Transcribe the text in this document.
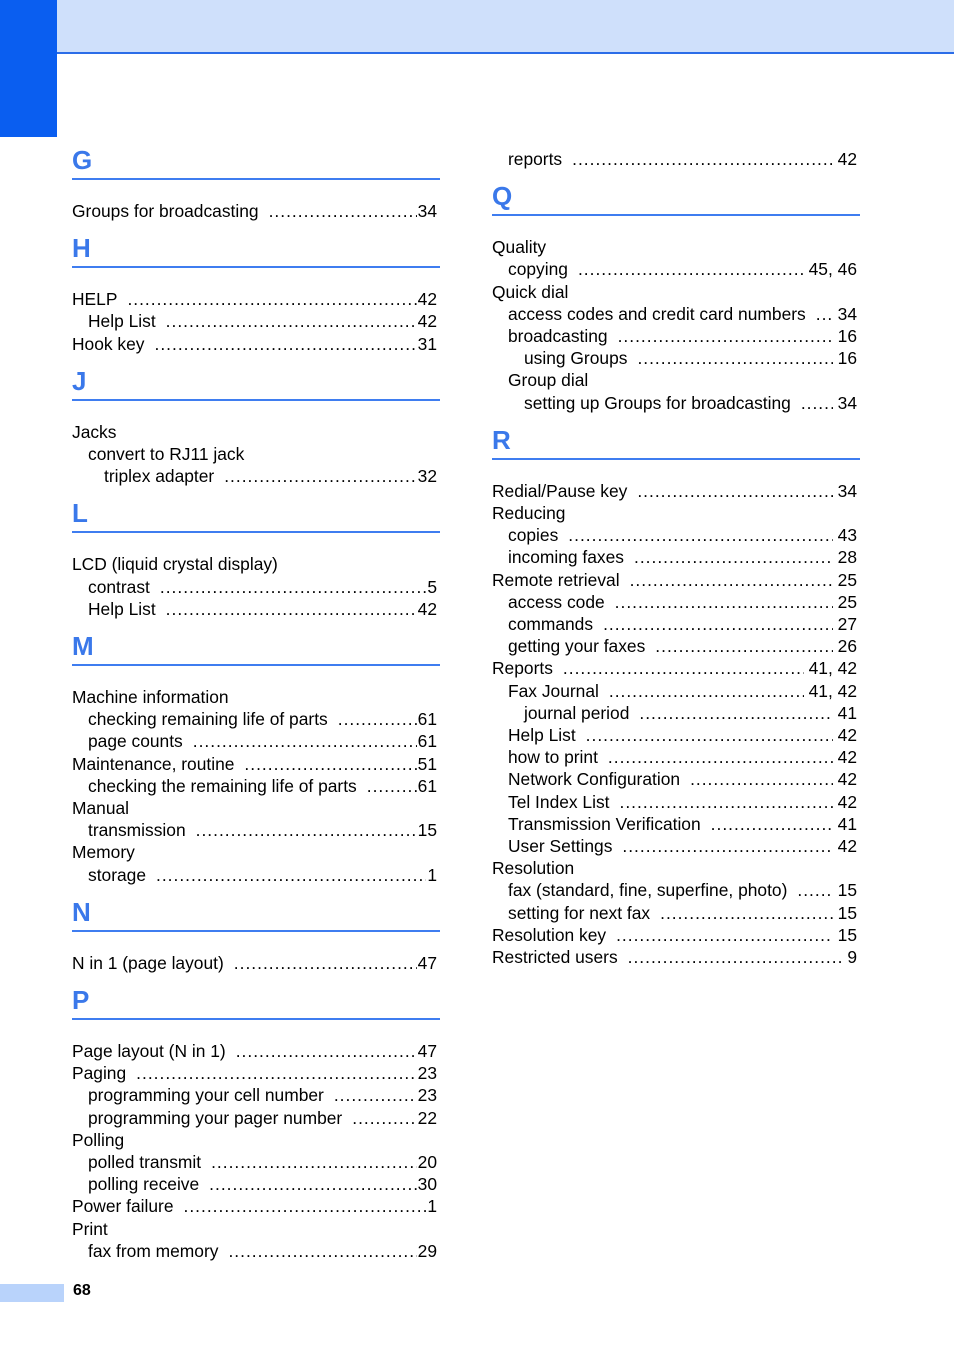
G
Groups for broadcasting .....	34
H
HELP .....	42
Help List .....	42
Hook key .....	31
J
Jacks
convert to RJ11 jack
triplex adapter .....	32
L
LCD (liquid crystal display)
contrast .....	5
Help List .....	42
M
Machine information
checking remaining life of parts .....	61
page counts .....	61
Maintenance, routine .....	51
checking the remaining life of parts .....	61
Manual
transmission .....	15
Memory
storage .....	1
N
N in 1 (page layout) .....	47
P
Page layout (N in 1) .....	47
Paging .....	23
programming your cell number .....	23
programming your pager number .....	22
Polling
polled transmit .....	20
polling receive .....	30
Power failure .....	1
Print
fax from memory .....	29
reports .....	42
Q
Quality
copying .....	45, 46
Quick dial
access codes and credit card numbers ..... 34
broadcasting .....	16
using Groups .....	16
Group dial
setting up Groups for broadcasting .....	34
R
Redial/Pause key .....	34
Reducing
copies .....	43
incoming faxes .....	28
Remote retrieval .....	25
access code .....	25
commands .....	27
getting your faxes .....	26
Reports .....	41, 42
Fax Journal .....	41, 42
journal period .....	41
Help List .....	42
how to print .....	42
Network Configuration .....	42
Tel Index List .....	42
Transmission Verification .....	41
User Settings .....	42
Resolution
fax (standard, fine, superfine, photo) .....	15
setting for next fax .....	15
Resolution key .....	15
Restricted users .....	9
68
